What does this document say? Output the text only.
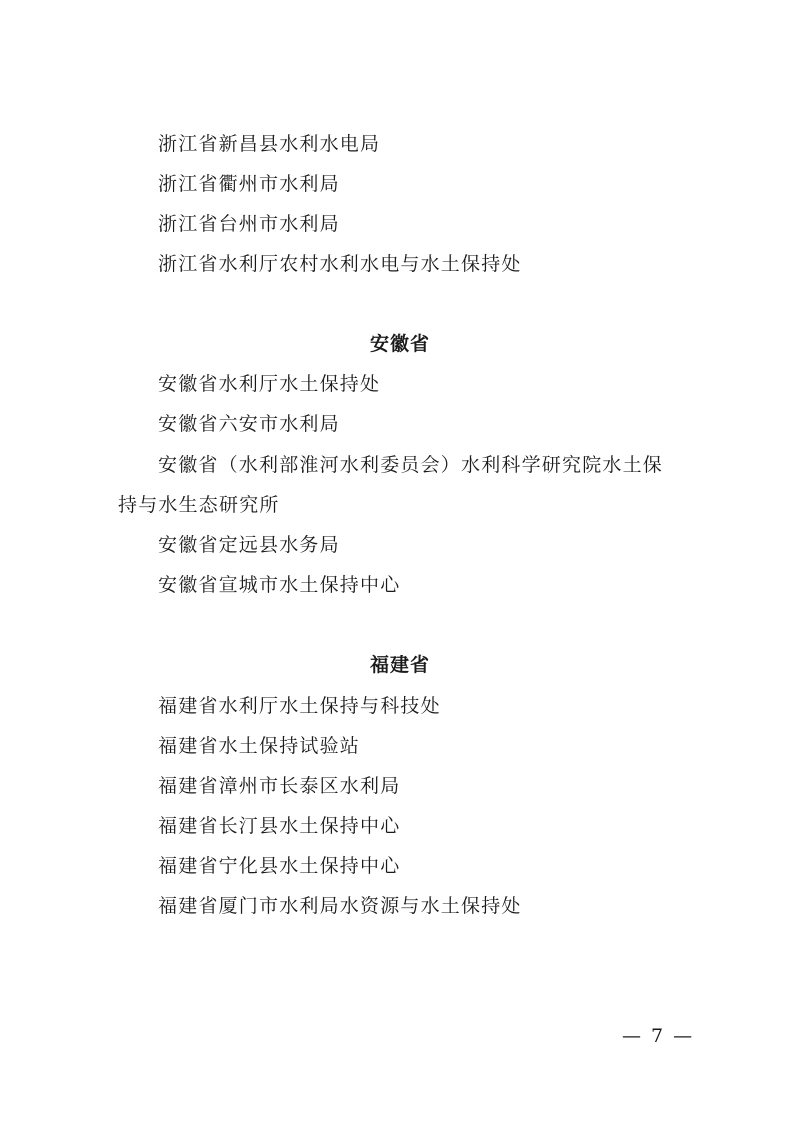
浙江省新昌县水利水电局
浙江省衢州市水利局
浙江省台州市水利局
浙江省水利厅农村水利水电与水土保持处
安徽省
安徽省水利厅水土保持处
安徽省六安市水利局
安徽省（水利部淮河水利委员会）水利科学研究院水土保
持与水生态研究所
安徽省定远县水务局
安徽省宣城市水土保持中心
福建省
福建省水利厅水土保持与科技处
福建省水土保持试验站
福建省漳州市长泰区水利局
福建省长汀县水土保持中心
福建省宁化县水土保持中心
福建省厦门市水利局水资源与水土保持处
— 7 —
